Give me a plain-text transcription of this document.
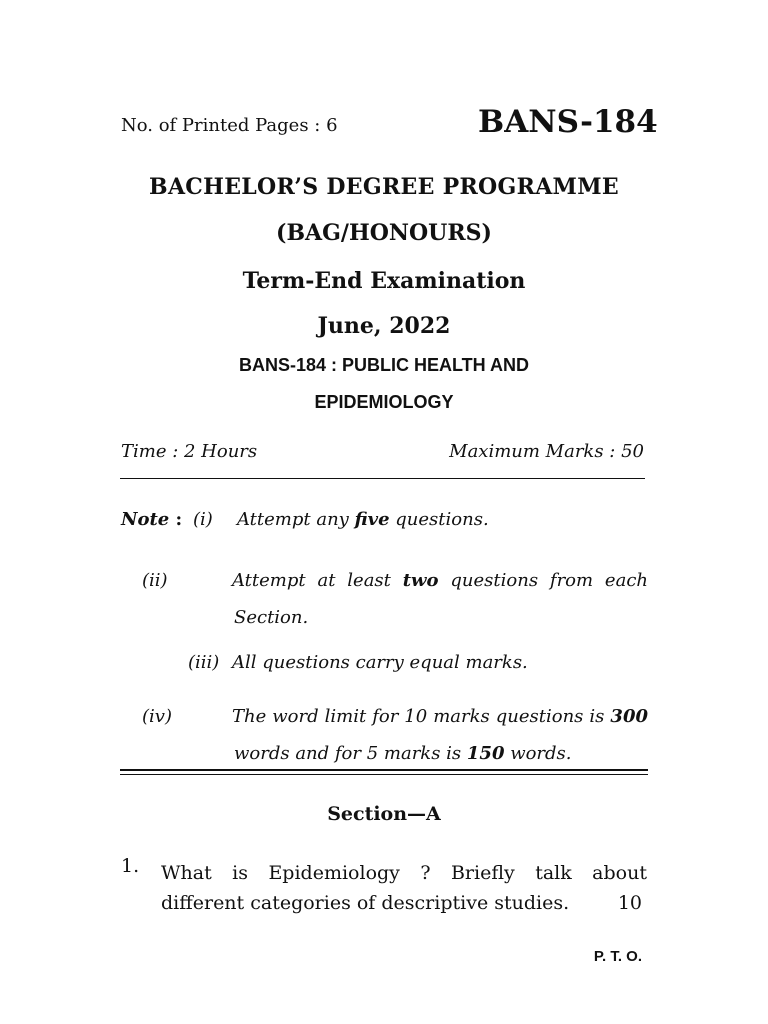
No. of Printed Pages : 6	BANS-184
BACHELOR’S DEGREE PROGRAMME
(BAG/HONOURS)
Term-End Examination
June, 2022
BANS-184 : PUBLIC HEALTH AND
EPIDEMIOLOGY
Time : 2 Hours	Maximum Marks : 50
Note : (i) Attempt any five questions.
(ii)	Attempt at least two questions from each Section.
(iii) All questions carry equal marks.
(iv)	The word limit for 10 marks questions is 300 words and for 5 marks is 150 words.
Section—A
1. What is Epidemiology ? Briefly talk about
different categories of descriptive studies.	10
P. T. O.
